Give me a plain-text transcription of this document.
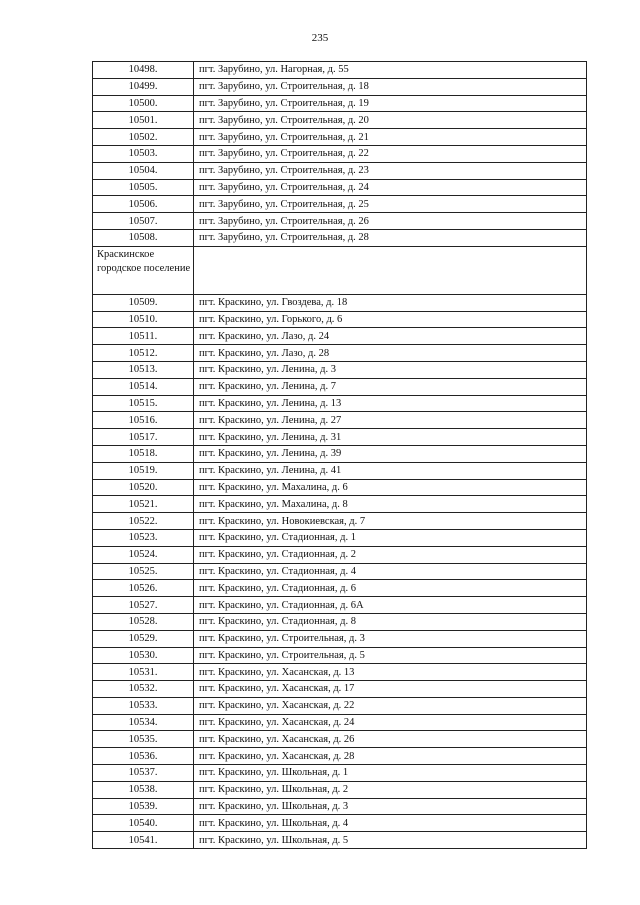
235
10498.	пгт. Зарубино, ул. Нагорная, д. 55
10499.	пгт. Зарубино, ул. Строительная, д. 18
10500.	пгт. Зарубино, ул. Строительная, д. 19
10501.	пгт. Зарубино, ул. Строительная, д. 20
10502.	пгт. Зарубино, ул. Строительная, д. 21
10503.	пгт. Зарубино, ул. Строительная, д. 22
10504.	пгт. Зарубино, ул. Строительная, д. 23
10505.	пгт. Зарубино, ул. Строительная, д. 24
10506.	пгт. Зарубино, ул. Строительная, д. 25
10507.	пгт. Зарубино, ул. Строительная, д. 26
10508.	пгт. Зарубино, ул. Строительная, д. 28
Краскинское городское поселение	
10509.	пгт. Краскино, ул. Гвоздева, д. 18
10510.	пгт. Краскино, ул. Горького, д. 6
10511.	пгт. Краскино, ул. Лазо, д. 24
10512.	пгт. Краскино, ул. Лазо, д. 28
10513.	пгт. Краскино, ул. Ленина, д. 3
10514.	пгт. Краскино, ул. Ленина, д. 7
10515.	пгт. Краскино, ул. Ленина, д. 13
10516.	пгт. Краскино, ул. Ленина, д. 27
10517.	пгт. Краскино, ул. Ленина, д. 31
10518.	пгт. Краскино, ул. Ленина, д. 39
10519.	пгт. Краскино, ул. Ленина, д. 41
10520.	пгт. Краскино, ул. Махалина, д. 6
10521.	пгт. Краскино, ул. Махалина, д. 8
10522.	пгт. Краскино, ул. Новокиевская, д. 7
10523.	пгт. Краскино, ул. Стадионная, д. 1
10524.	пгт. Краскино, ул. Стадионная, д. 2
10525.	пгт. Краскино, ул. Стадионная, д. 4
10526.	пгт. Краскино, ул. Стадионная, д. 6
10527.	пгт. Краскино, ул. Стадионная, д. 6А
10528.	пгт. Краскино, ул. Стадионная, д. 8
10529.	пгт. Краскино, ул. Строительная, д. 3
10530.	пгт. Краскино, ул. Строительная, д. 5
10531.	пгт. Краскино, ул. Хасанская, д. 13
10532.	пгт. Краскино, ул. Хасанская, д. 17
10533.	пгт. Краскино, ул. Хасанская, д. 22
10534.	пгт. Краскино, ул. Хасанская, д. 24
10535.	пгт. Краскино, ул. Хасанская, д. 26
10536.	пгт. Краскино, ул. Хасанская, д. 28
10537.	пгт. Краскино, ул. Школьная, д. 1
10538.	пгт. Краскино, ул. Школьная, д. 2
10539.	пгт. Краскино, ул. Школьная, д. 3
10540.	пгт. Краскино, ул. Школьная, д. 4
10541.	пгт. Краскино, ул. Школьная, д. 5
